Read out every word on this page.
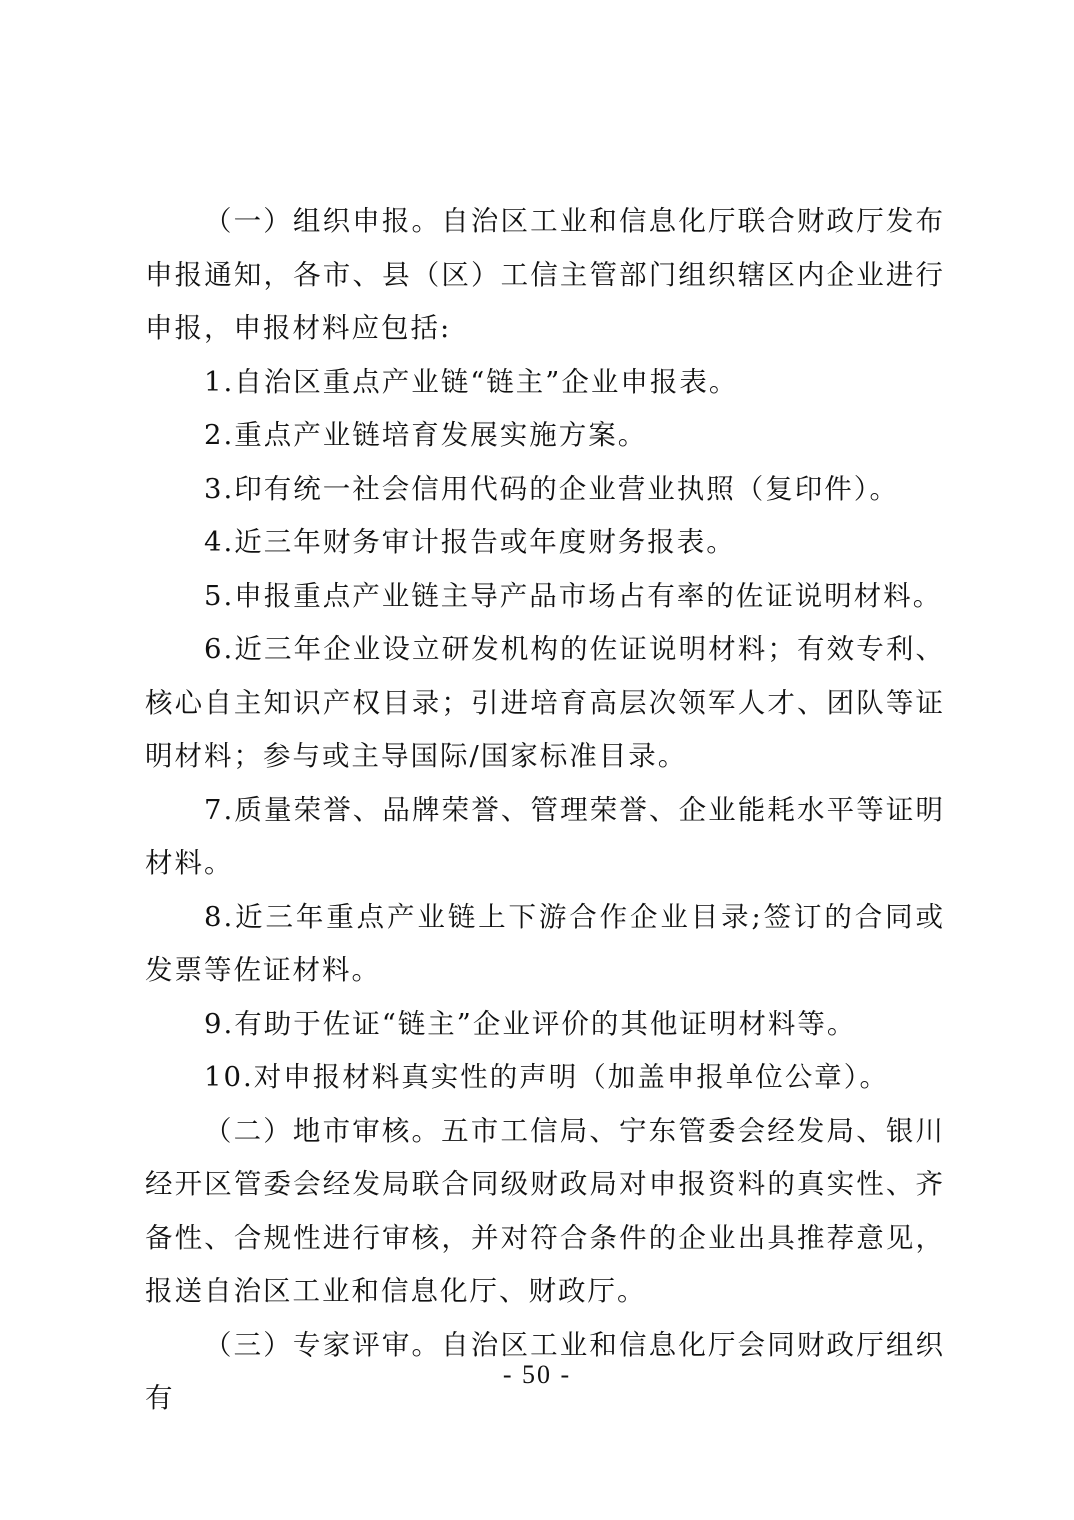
（一）组织申报。自治区工业和信息化厅联合财政厅发布申报通知，各市、县（区）工信主管部门组织辖区内企业进行申报，申报材料应包括:

1.自治区重点产业链“链主”企业申报表。

2.重点产业链培育发展实施方案。

3.印有统一社会信用代码的企业营业执照（复印件）。

4.近三年财务审计报告或年度财务报表。

5.申报重点产业链主导产品市场占有率的佐证说明材料。

6.近三年企业设立研发机构的佐证说明材料；有效专利、核心自主知识产权目录；引进培育高层次领军人才、团队等证明材料；参与或主导国际/国家标准目录。

7.质量荣誉、品牌荣誉、管理荣誉、企业能耗水平等证明材料。

8.近三年重点产业链上下游合作企业目录;签订的合同或发票等佐证材料。

9.有助于佐证“链主”企业评价的其他证明材料等。

10.对申报材料真实性的声明（加盖申报单位公章）。

（二）地市审核。五市工信局、宁东管委会经发局、银川经开区管委会经发局联合同级财政局对申报资料的真实性、齐备性、合规性进行审核，并对符合条件的企业出具推荐意见，报送自治区工业和信息化厅、财政厅。

（三）专家评审。自治区工业和信息化厅会同财政厅组织有

- 50 -
